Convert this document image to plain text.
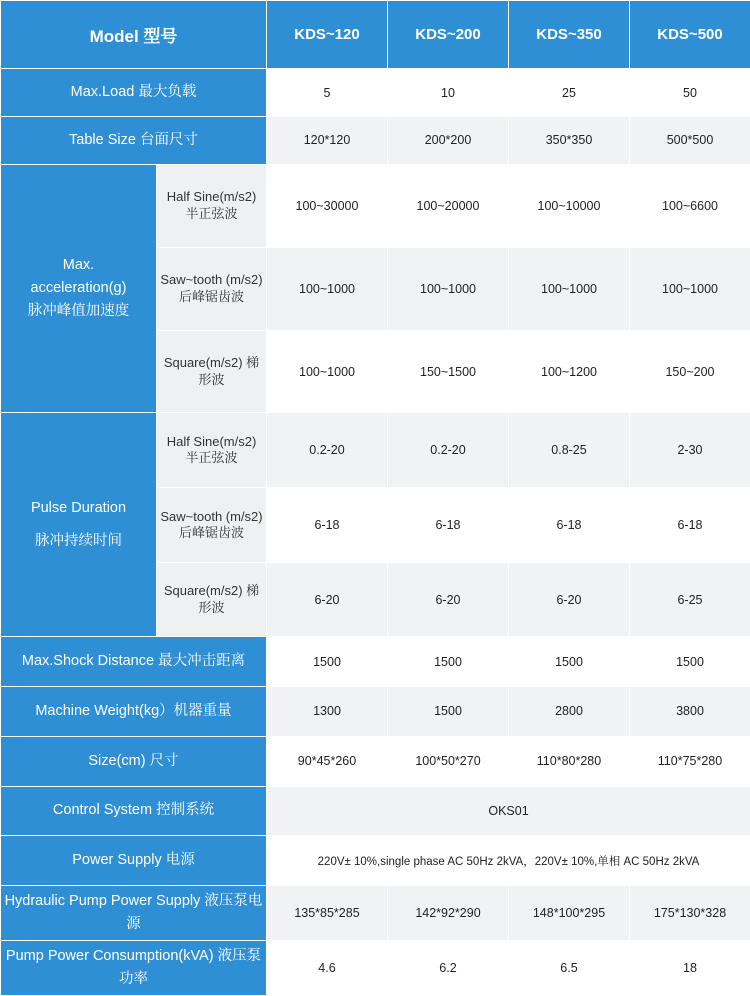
Model 型号		KDS~120	KDS~200	KDS~350	KDS~500
Max.Load 最大负载		5	10	25	50
Table Size 台面尺寸		120*120	200*200	350*350	500*500

Max.
acceleration(g)
脉冲峰值加速度	Half Sine(m/s2) 半正弦波	100~30000	100~20000	100~10000	100~6600
	Saw~tooth (m/s2) 后峰锯齿波	100~1000	100~1000	100~1000	100~1000
	Square(m/s2) 梯形波	100~1000	150~1500	100~1200	150~200

Pulse Duration
脉冲持续时间	Half Sine(m/s2) 半正弦波	0.2-20	0.2-20	0.8-25	2-30
	Saw~tooth (m/s2) 后峰锯齿波	6-18	6-18	6-18	6-18
	Square(m/s2) 梯形波	6-20	6-20	6-20	6-25
Max.Shock Distance 最大冲击距离		1500	1500	1500	1500
Machine Weight(kg）机器重量		1300	1500	2800	3800
Size(cm) 尺寸		90*45*260	100*50*270	110*80*280	110*75*280
Control System 控制系统		OKS01			
Power Supply 电源		220V± 10%,single phase AC 50Hz 2kVA，220V± 10%,单相 AC 50Hz 2kVA			
Hydraulic Pump Power Supply 液压泵电源		135*85*285	142*92*290	148*100*295	175*130*328
Pump Power Consumption(kVA) 液压泵功率		4.6	6.2	6.5	18
